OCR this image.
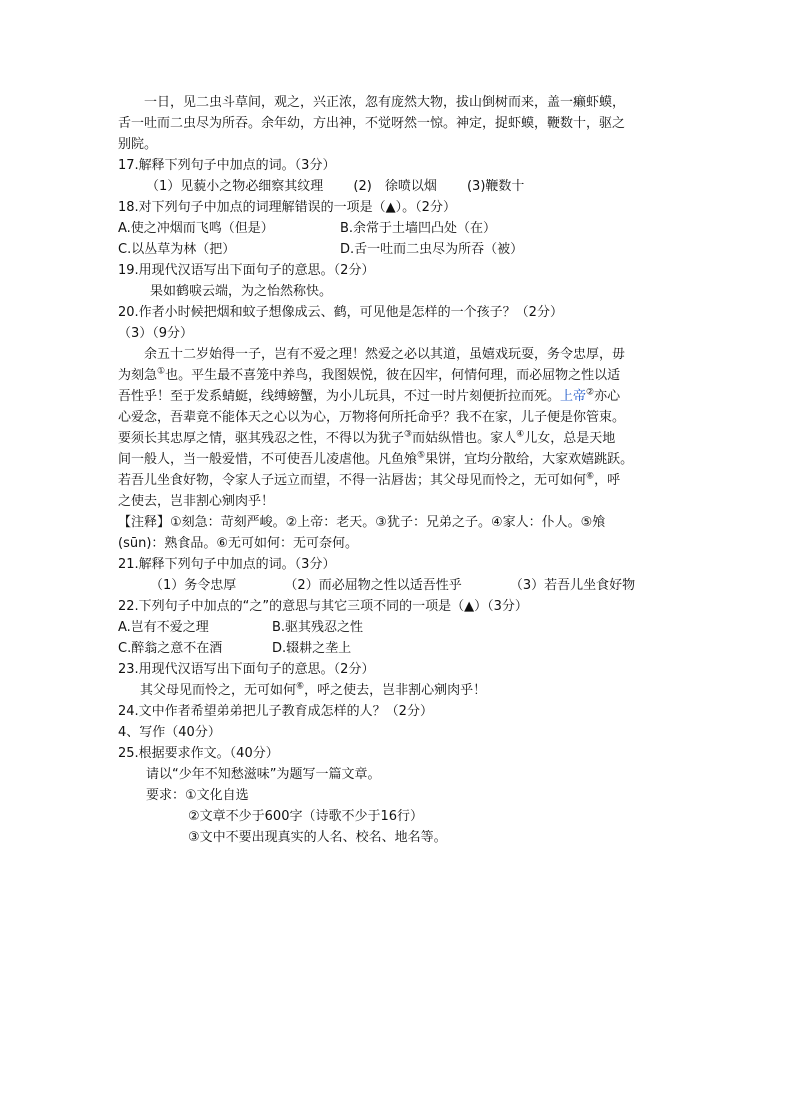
一日，见二虫斗草间，观之，兴正浓，忽有庞然大物，拔山倒树而来，盖一癞虾蟆，
舌一吐而二虫尽为所吞。余年幼，方出神，不觉呀然一惊。神定，捉虾蟆，鞭数十，驱之
别院。
17.解释下列句子中加点的词。（3分）
（1）见藐小之物必细察其纹理 (2)　徐喷以烟 (3)鞭数十
18.对下列句子中加点的词理解错误的一项是（▲）。（2分）
A.使之冲烟而飞鸣（但是）	B.余常于土墙凹凸处（在）
C.以丛草为林（把）	D.舌一吐而二虫尽为所吞（被）
19.用现代汉语写出下面句子的意思。（2分）
果如鹤唳云端，为之怡然称快。
20.作者小时候把烟和蚊子想像成云、鹤，可见他是怎样的一个孩子？（2分）
（3）（9分）
余五十二岁始得一子，岂有不爱之理！然爱之必以其道，虽嬉戏玩耍，务令忠厚，毋
为刻急①也。平生最不喜笼中养鸟，我图娱悦，彼在囚牢，何情何理，而必屈物之性以适
吾性乎！至于发系蜻蜓，线缚螃蟹，为小儿玩具，不过一时片刻便折拉而死。上帝②亦心
心爱念，吾辈竟不能体天之心以为心，万物将何所托命乎？我不在家，儿子便是你管束。
要须长其忠厚之情，驱其残忍之性，不得以为犹子③而姑纵惜也。家人④儿女，总是天地
间一般人，当一般爱惜，不可使吾儿凌虐他。凡鱼飧⑤果饼，宜均分散给，大家欢嬉跳跃。
若吾儿坐食好物，令家人子远立而望，不得一沾唇齿；其父母见而怜之，无可如何⑥，呼
之使去，岂非割心剜肉乎！
【注释】①刻急：苛刻严峻。②上帝：老天。③犹子：兄弟之子。④家人：仆人。⑤飧
(sūn)：熟食品。⑥无可如何：无可奈何。
21.解释下列句子中加点的词。（3分）
（1）务令忠厚	（2）而必屈物之性以适吾性乎	（3）若吾儿坐食好物
22.下列句子中加点的“之”的意思与其它三项不同的一项是（▲）（3分）
A.岂有不爱之理	B.驱其残忍之性
C.醉翁之意不在酒	D.辍耕之垄上
23.用现代汉语写出下面句子的意思。（2分）
其父母见而怜之，无可如何⑥，呼之使去，岂非割心剜肉乎！
24.文中作者希望弟弟把儿子教育成怎样的人？（2分）
4、写作（40分）
25.根据要求作文。（40分）
请以“少年不知愁滋味”为题写一篇文章。
要求：①文化自选
②文章不少于600字（诗歌不少于16行）
③文中不要出现真实的人名、校名、地名等。
